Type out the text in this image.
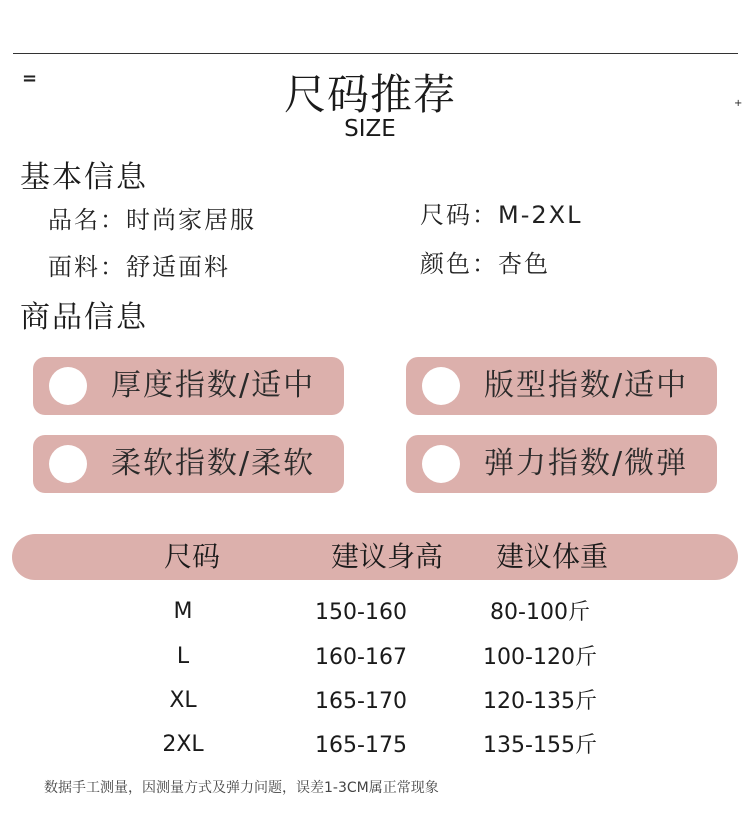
=
+
尺码推荐
SIZE
基本信息
品名：时尚家居服	尺码：M-2XL
面料：舒适面料	颜色：杏色
商品信息
厚度指数/适中	版型指数/适中
柔软指数/柔软	弹力指数/微弹
尺码	建议身高	建议体重
M	150-160	80-100斤
L	160-167	100-120斤
XL	165-170	120-135斤
2XL	165-175	135-155斤
数据手工测量，因测量方式及弹力问题，误差1-3CM属正常现象
